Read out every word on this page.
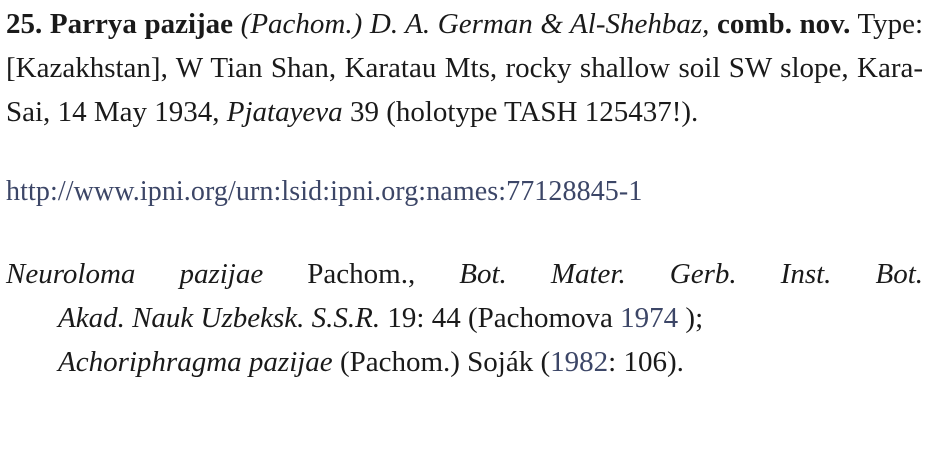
25. Parrya pazijae (Pachom.) D. A. German & Al-Shehbaz, comb. nov. Type: [Kazakhstan], W Tian Shan, Karatau Mts, rocky shallow soil SW slope, Kara-Sai, 14 May 1934, Pjatayeva 39 (holotype TASH 125437!).

http://www.ipni.org/urn:lsid:ipni.org:names:77128845-1

Neuroloma pazijae Pachom., Bot. Mater. Gerb. Inst. Bot.
Akad. Nauk Uzbeksk. S.S.R. 19: 44 (Pachomova 1974 );
Achoriphragma pazijae (Pachom.) Soják (1982: 106).
